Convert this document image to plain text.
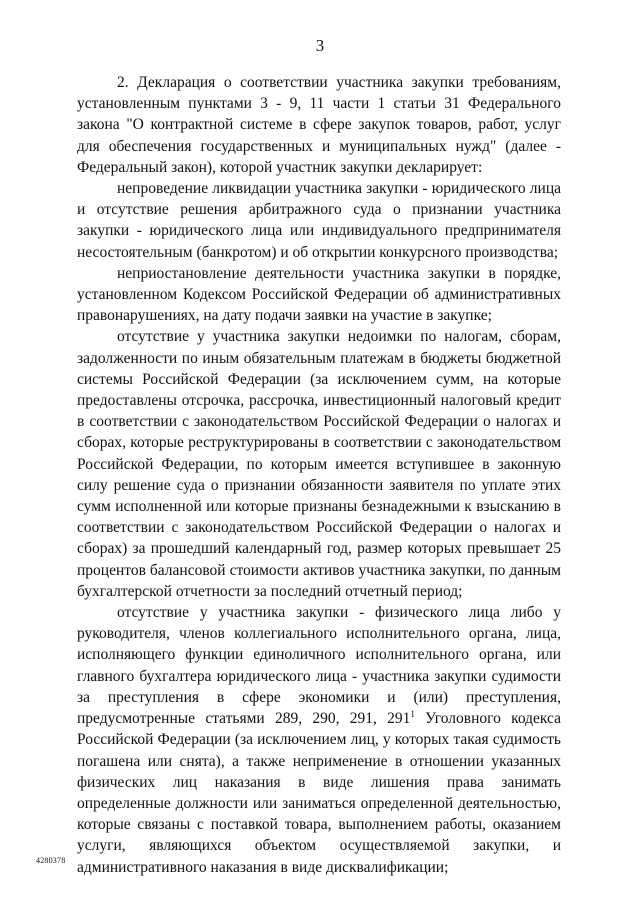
3

2. Декларация о соответствии участника закупки требованиям, установленным пунктами 3 - 9, 11 части 1 статьи 31 Федерального закона "О контрактной системе в сфере закупок товаров, работ, услуг для обеспечения государственных и муниципальных нужд" (далее - Федеральный закон), которой участник закупки декларирует:

непроведение ликвидации участника закупки - юридического лица и отсутствие решения арбитражного суда о признании участника закупки - юридического лица или индивидуального предпринимателя несостоятельным (банкротом) и об открытии конкурсного производства;

неприостановление деятельности участника закупки в порядке, установленном Кодексом Российской Федерации об административных правонарушениях, на дату подачи заявки на участие в закупке;

отсутствие у участника закупки недоимки по налогам, сборам, задолженности по иным обязательным платежам в бюджеты бюджетной системы Российской Федерации (за исключением сумм, на которые предоставлены отсрочка, рассрочка, инвестиционный налоговый кредит в соответствии с законодательством Российской Федерации о налогах и сборах, которые реструктурированы в соответствии с законодательством Российской Федерации, по которым имеется вступившее в законную силу решение суда о признании обязанности заявителя по уплате этих сумм исполненной или которые признаны безнадежными к взысканию в соответствии с законодательством Российской Федерации о налогах и сборах) за прошедший календарный год, размер которых превышает 25 процентов балансовой стоимости активов участника закупки, по данным бухгалтерской отчетности за последний отчетный период;

отсутствие у участника закупки - физического лица либо у руководителя, членов коллегиального исполнительного органа, лица, исполняющего функции единоличного исполнительного органа, или главного бухгалтера юридического лица - участника закупки судимости за преступления в сфере экономики и (или) преступления, предусмотренные статьями 289, 290, 291, $291^1$ Уголовного кодекса Российской Федерации (за исключением лиц, у которых такая судимость погашена или снята), а также неприменение в отношении указанных физических лиц наказания в виде лишения права занимать определенные должности или заниматься определенной деятельностью, которые связаны с поставкой товара, выполнением работы, оказанием услуги, являющихся объектом осуществляемой закупки, и административного наказания в виде дисквалификации;

4280378
